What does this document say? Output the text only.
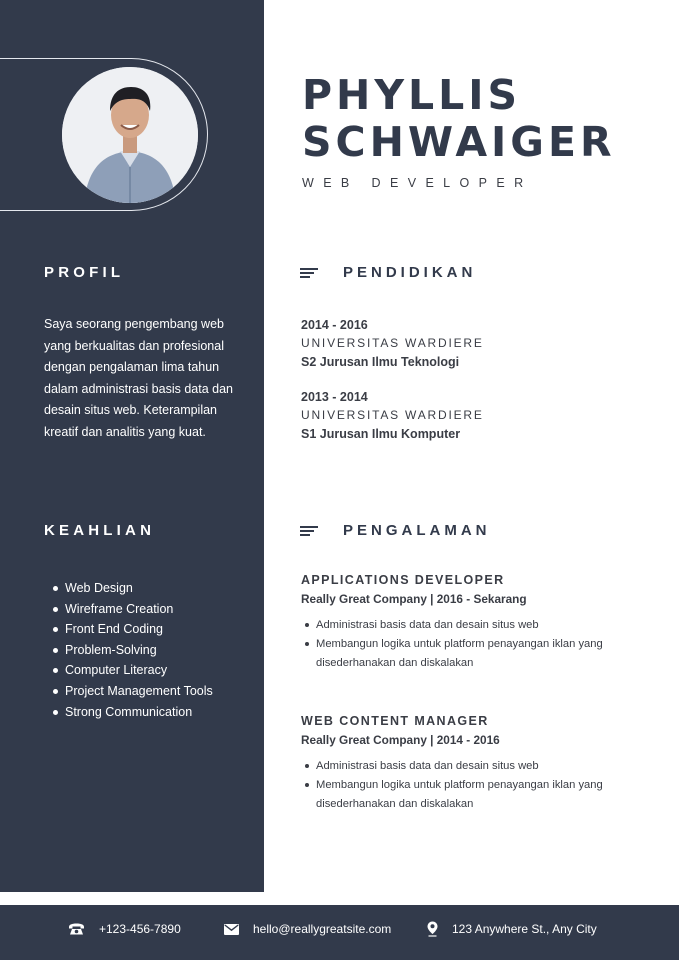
PROFIL

Saya seorang pengembang web yang berkualitas dan profesional dengan pengalaman lima tahun dalam administrasi basis data dan desain situs web. Keterampilan kreatif dan analitis yang kuat.

KEAHLIAN
Web Design
Wireframe Creation
Front End Coding
Problem-Solving
Computer Literacy
Project Management Tools
Strong Communication
PHYLLIS
SCHWAIGER
WEB DEVELOPER
PENDIDIKAN
2014 - 2016
UNIVERSITAS WARDIERE
S2 Jurusan Ilmu Teknologi
2013 - 2014
UNIVERSITAS WARDIERE
S1 Jurusan Ilmu Komputer
PENGALAMAN
APPLICATIONS DEVELOPER
Really Great Company | 2016 - Sekarang
Administrasi basis data dan desain situs web
Membangun logika untuk platform penayangan iklan yang disederhanakan dan diskalakan
WEB CONTENT MANAGER
Really Great Company | 2014 - 2016
Administrasi basis data dan desain situs web
Membangun logika untuk platform penayangan iklan yang disederhanakan dan diskalakan
+123-456-7890	hello@reallygreatsite.com	123 Anywhere St., Any City
